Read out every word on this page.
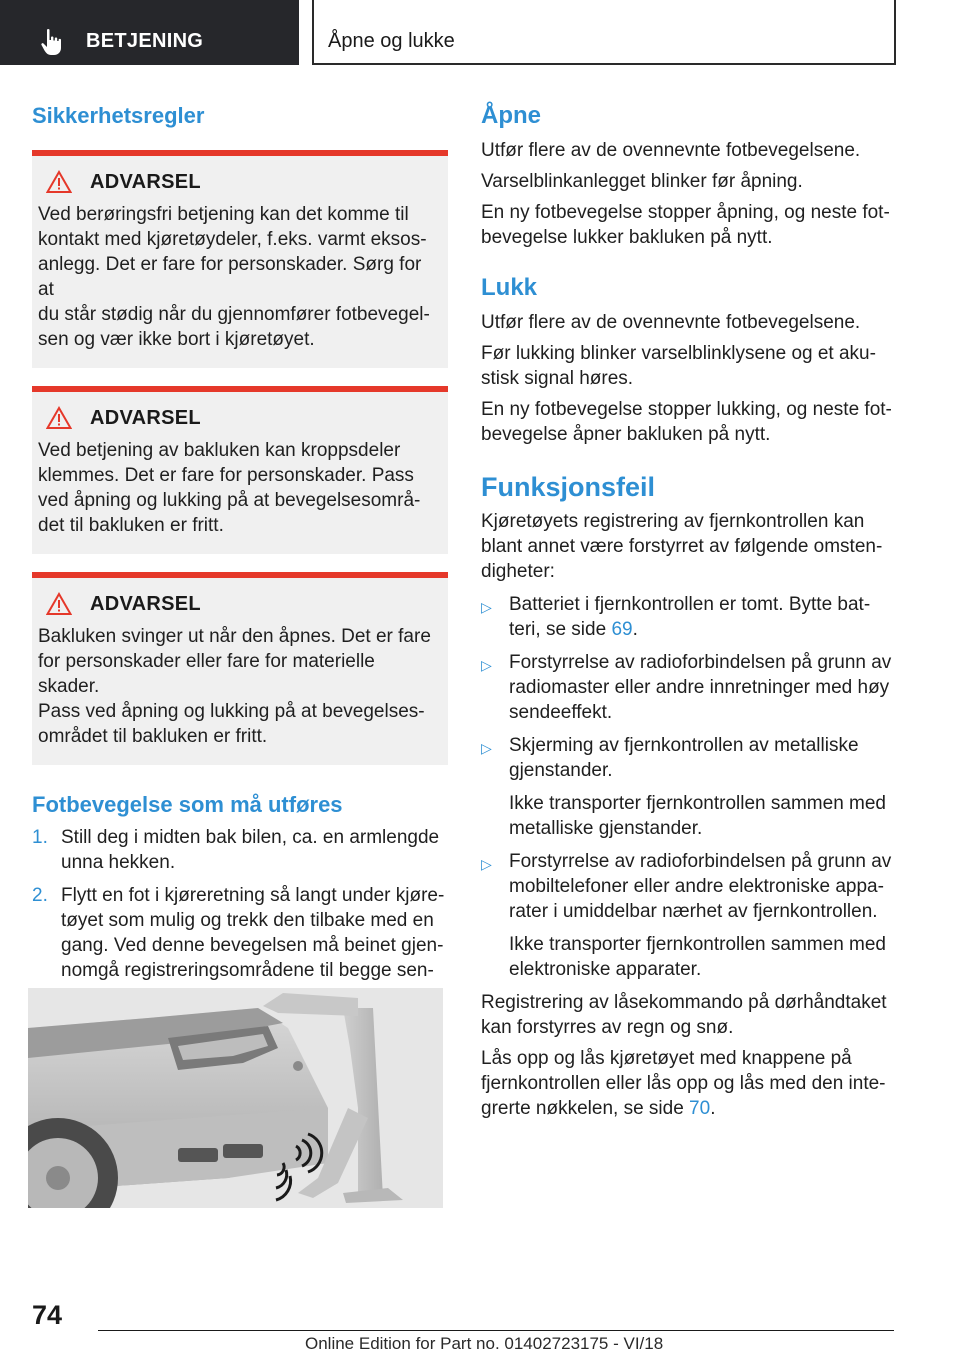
BETJENING	Åpne og lukke
Sikkerhetsregler
ADVARSEL

Ved berøringsfri betjening kan det komme til
kontakt med kjøretøydeler, f.eks. varmt eksos-
anlegg. Det er fare for personskader. Sørg for at
du står stødig når du gjennomfører fotbevegel-
sen og vær ikke bort i kjøretøyet.

ADVARSEL

Ved betjening av bakluken kan kroppsdeler
klemmes. Det er fare for personskader. Pass
ved åpning og lukking på at bevegelsesområ-
det til bakluken er fritt.

ADVARSEL

Bakluken svinger ut når den åpnes. Det er fare
for personskader eller fare for materielle skader.
Pass ved åpning og lukking på at bevegelses-
området til bakluken er fritt.

Fotbevegelse som må utføres
1. Still deg i midten bak bilen, ca. en armlengde
unna hekken.
2. Flytt en fot i kjøreretning så langt under kjøre-
tøyet som mulig og trekk den tilbake med en
gang. Ved denne bevegelsen må beinet gjen-
nomgå registreringsområdene til begge sen-

Åpne

Utfør flere av de ovennevnte fotbevegelsene.

Varselblinkanlegget blinker før åpning.

En ny fotbevegelse stopper åpning, og neste fot-
bevegelse lukker bakluken på nytt.

Lukk

Utfør flere av de ovennevnte fotbevegelsene.

Før lukking blinker varselblinklysene og et aku-
stisk signal høres.

En ny fotbevegelse stopper lukking, og neste fot-
bevegelse åpner bakluken på nytt.

Funksjonsfeil

Kjøretøyets registrering av fjernkontrollen kan
blant annet være forstyrret av følgende omsten-
digheter:

▷ Batteriet i fjernkontrollen er tomt. Bytte bat-
teri, se side 69.
▷ Forstyrrelse av radioforbindelsen på grunn av
radiomaster eller andre innretninger med høy
sendeeffekt.
▷ Skjerming av fjernkontrollen av metalliske
gjenstander.

Ikke transporter fjernkontrollen sammen med
metalliske gjenstander.

▷ Forstyrrelse av radioforbindelsen på grunn av
mobiltelefoner eller andre elektroniske appa-
rater i umiddelbar nærhet av fjernkontrollen.

Ikke transporter fjernkontrollen sammen med
elektroniske apparater.

Registrering av låsekommando på dørhåndtaket
kan forstyrres av regn og snø.

Lås opp og lås kjøretøyet med knappene på
fjernkontrollen eller lås opp og lås med den inte-
grerte nøkkelen, se side 70.

74
Online Edition for Part no. 01402723175 - VI/18
